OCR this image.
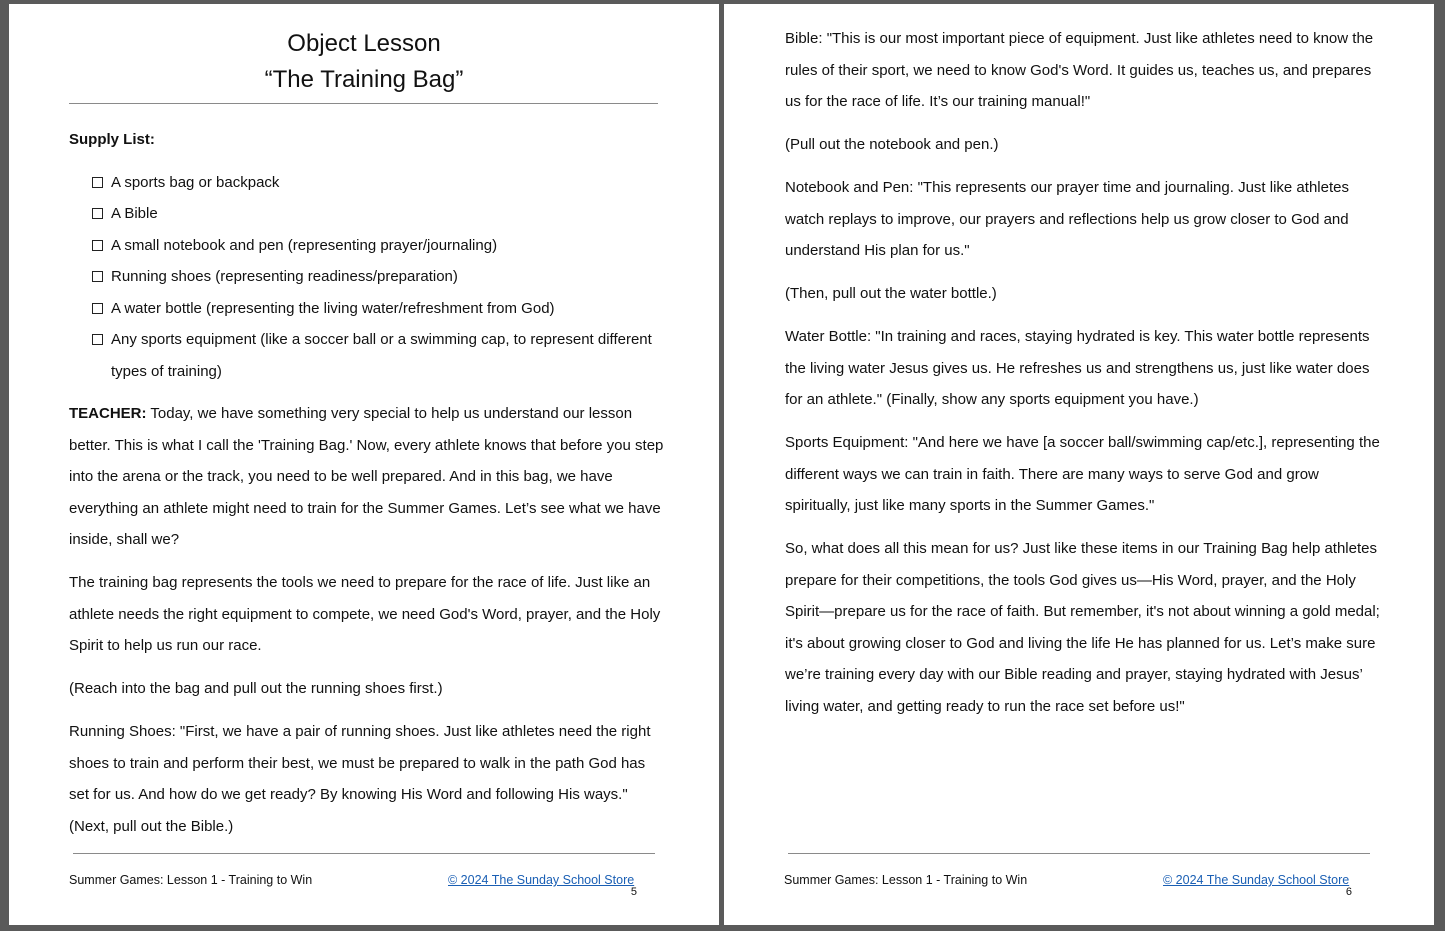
Object Lesson
“The Training Bag”

Supply List:

A sports bag or backpack
A Bible
A small notebook and pen (representing prayer/journaling)
Running shoes (representing readiness/preparation)
A water bottle (representing the living water/refreshment from God)
Any sports equipment (like a soccer ball or a swimming cap, to represent different types of training)

TEACHER: Today, we have something very special to help us understand our lesson better. This is what I call the 'Training Bag.' Now, every athlete knows that before you step into the arena or the track, you need to be well prepared. And in this bag, we have everything an athlete might need to train for the Summer Games. Let’s see what we have inside, shall we?

The training bag represents the tools we need to prepare for the race of life. Just like an athlete needs the right equipment to compete, we need God's Word, prayer, and the Holy Spirit to help us run our race.

(Reach into the bag and pull out the running shoes first.)

Running Shoes: "First, we have a pair of running shoes. Just like athletes need the right shoes to train and perform their best, we must be prepared to walk in the path God has set for us. And how do we get ready? By knowing His Word and following His ways." (Next, pull out the Bible.)

Summer Games: Lesson 1 - Training to Win	© 2024 The Sunday School Store
5

Bible: "This is our most important piece of equipment. Just like athletes need to know the rules of their sport, we need to know God's Word. It guides us, teaches us, and prepares us for the race of life. It’s our training manual!"

(Pull out the notebook and pen.)

Notebook and Pen: "This represents our prayer time and journaling. Just like athletes watch replays to improve, our prayers and reflections help us grow closer to God and understand His plan for us."

(Then, pull out the water bottle.)

Water Bottle: "In training and races, staying hydrated is key. This water bottle represents the living water Jesus gives us. He refreshes us and strengthens us, just like water does for an athlete." (Finally, show any sports equipment you have.)

Sports Equipment: "And here we have [a soccer ball/swimming cap/etc.], representing the different ways we can train in faith. There are many ways to serve God and grow spiritually, just like many sports in the Summer Games."

So, what does all this mean for us? Just like these items in our Training Bag help athletes prepare for their competitions, the tools God gives us—His Word, prayer, and the Holy Spirit—prepare us for the race of faith. But remember, it's not about winning a gold medal; it's about growing closer to God and living the life He has planned for us. Let’s make sure we’re training every day with our Bible reading and prayer, staying hydrated with Jesus’ living water, and getting ready to run the race set before us!"

Summer Games: Lesson 1 - Training to Win	© 2024 The Sunday School Store
6
